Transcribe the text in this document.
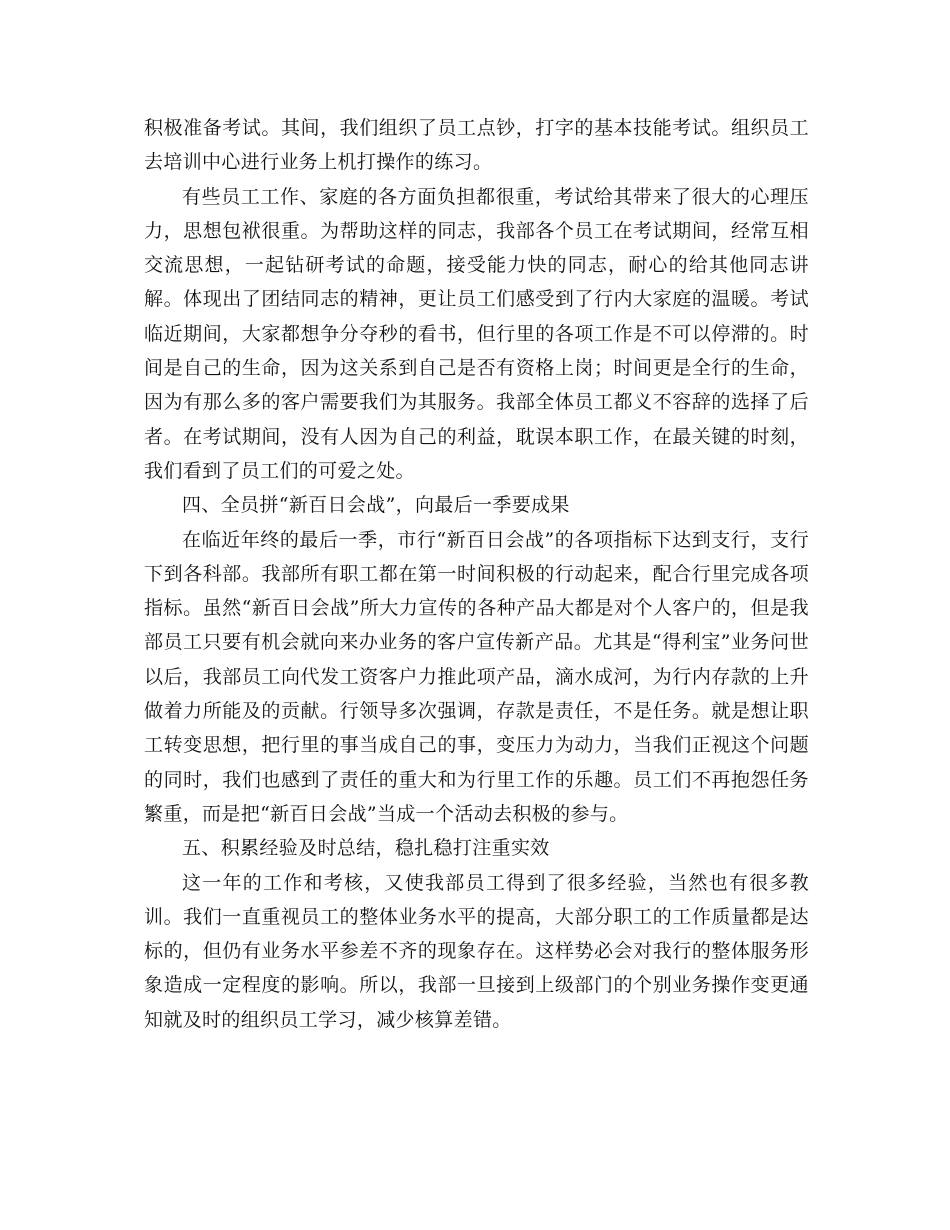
积极准备考试。其间，我们组织了员工点钞，打字的基本技能考试。组织员工去培训中心进行业务上机打操作的练习。

有些员工工作、家庭的各方面负担都很重，考试给其带来了很大的心理压力，思想包袱很重。为帮助这样的同志，我部各个员工在考试期间，经常互相交流思想，一起钻研考试的命题，接受能力快的同志，耐心的给其他同志讲解。体现出了团结同志的精神，更让员工们感受到了行内大家庭的温暖。考试临近期间，大家都想争分夺秒的看书，但行里的各项工作是不可以停滞的。时间是自己的生命，因为这关系到自己是否有资格上岗；时间更是全行的生命，因为有那么多的客户需要我们为其服务。我部全体员工都义不容辞的选择了后者。在考试期间，没有人因为自己的利益，耽误本职工作，在最关键的时刻，我们看到了员工们的可爱之处。

四、全员拼“新百日会战”，向最后一季要成果

在临近年终的最后一季，市行“新百日会战”的各项指标下达到支行，支行下到各科部。我部所有职工都在第一时间积极的行动起来，配合行里完成各项指标。虽然“新百日会战”所大力宣传的各种产品大都是对个人客户的，但是我部员工只要有机会就向来办业务的客户宣传新产品。尤其是“得利宝”业务问世以后，我部员工向代发工资客户力推此项产品，滴水成河，为行内存款的上升做着力所能及的贡献。行领导多次强调，存款是责任，不是任务。就是想让职工转变思想，把行里的事当成自己的事，变压力为动力，当我们正视这个问题的同时，我们也感到了责任的重大和为行里工作的乐趣。员工们不再抱怨任务繁重，而是把“新百日会战”当成一个活动去积极的参与。

五、积累经验及时总结，稳扎稳打注重实效

这一年的工作和考核，又使我部员工得到了很多经验，当然也有很多教训。我们一直重视员工的整体业务水平的提高，大部分职工的工作质量都是达标的，但仍有业务水平参差不齐的现象存在。这样势必会对我行的整体服务形象造成一定程度的影响。所以，我部一旦接到上级部门的个别业务操作变更通知就及时的组织员工学习，减少核算差错。
